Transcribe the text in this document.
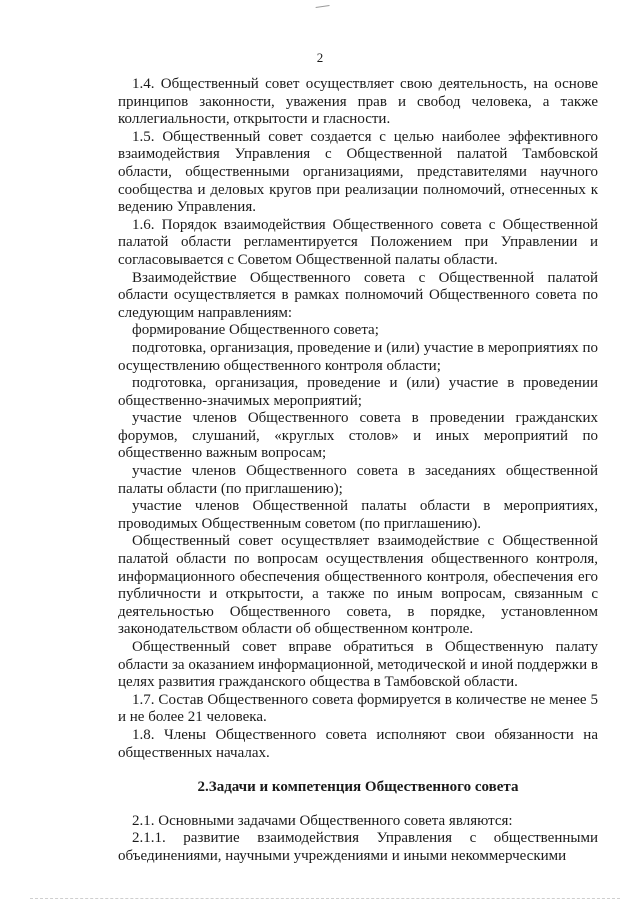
2

1.4. Общественный совет осуществляет свою деятельность, на основе принципов законности, уважения прав и свобод человека, а также коллегиальности, открытости и гласности.

1.5. Общественный совет создается с целью наиболее эффективного взаимодействия Управления с Общественной палатой Тамбовской области, общественными организациями, представителями научного сообщества и деловых кругов при реализации полномочий, отнесенных к ведению Управления.

1.6. Порядок взаимодействия Общественного совета с Общественной палатой области регламентируется Положением при Управлении и согласовывается с Советом Общественной палаты области.

Взаимодействие Общественного совета с Общественной палатой области осуществляется в рамках полномочий Общественного совета по следующим направлениям:

формирование Общественного совета;

подготовка, организация, проведение и (или) участие в мероприятиях по осуществлению общественного контроля области;

подготовка, организация, проведение и (или) участие в проведении общественно-значимых мероприятий;

участие членов Общественного совета в проведении гражданских форумов, слушаний, «круглых столов» и иных мероприятий по общественно важным вопросам;

участие членов Общественного совета в заседаниях общественной палаты области (по приглашению);

участие членов Общественной палаты области в мероприятиях, проводимых Общественным советом (по приглашению).

Общественный совет осуществляет взаимодействие с Общественной палатой области по вопросам осуществления общественного контроля, информационного обеспечения общественного контроля, обеспечения его публичности и открытости, а также по иным вопросам, связанным с деятельностью Общественного совета, в порядке, установленном законодательством области об общественном контроле.

Общественный совет вправе обратиться в Общественную палату области за оказанием информационной, методической и иной поддержки в целях развития гражданского общества в Тамбовской области.

1.7. Состав Общественного совета формируется в количестве не менее 5 и не более 21 человека.

1.8. Члены Общественного совета исполняют свои обязанности на общественных началах.

2.Задачи и компетенция Общественного совета

2.1. Основными задачами Общественного совета являются:

2.1.1. развитие взаимодействия Управления с общественными объединениями, научными учреждениями и иными некоммерческими
